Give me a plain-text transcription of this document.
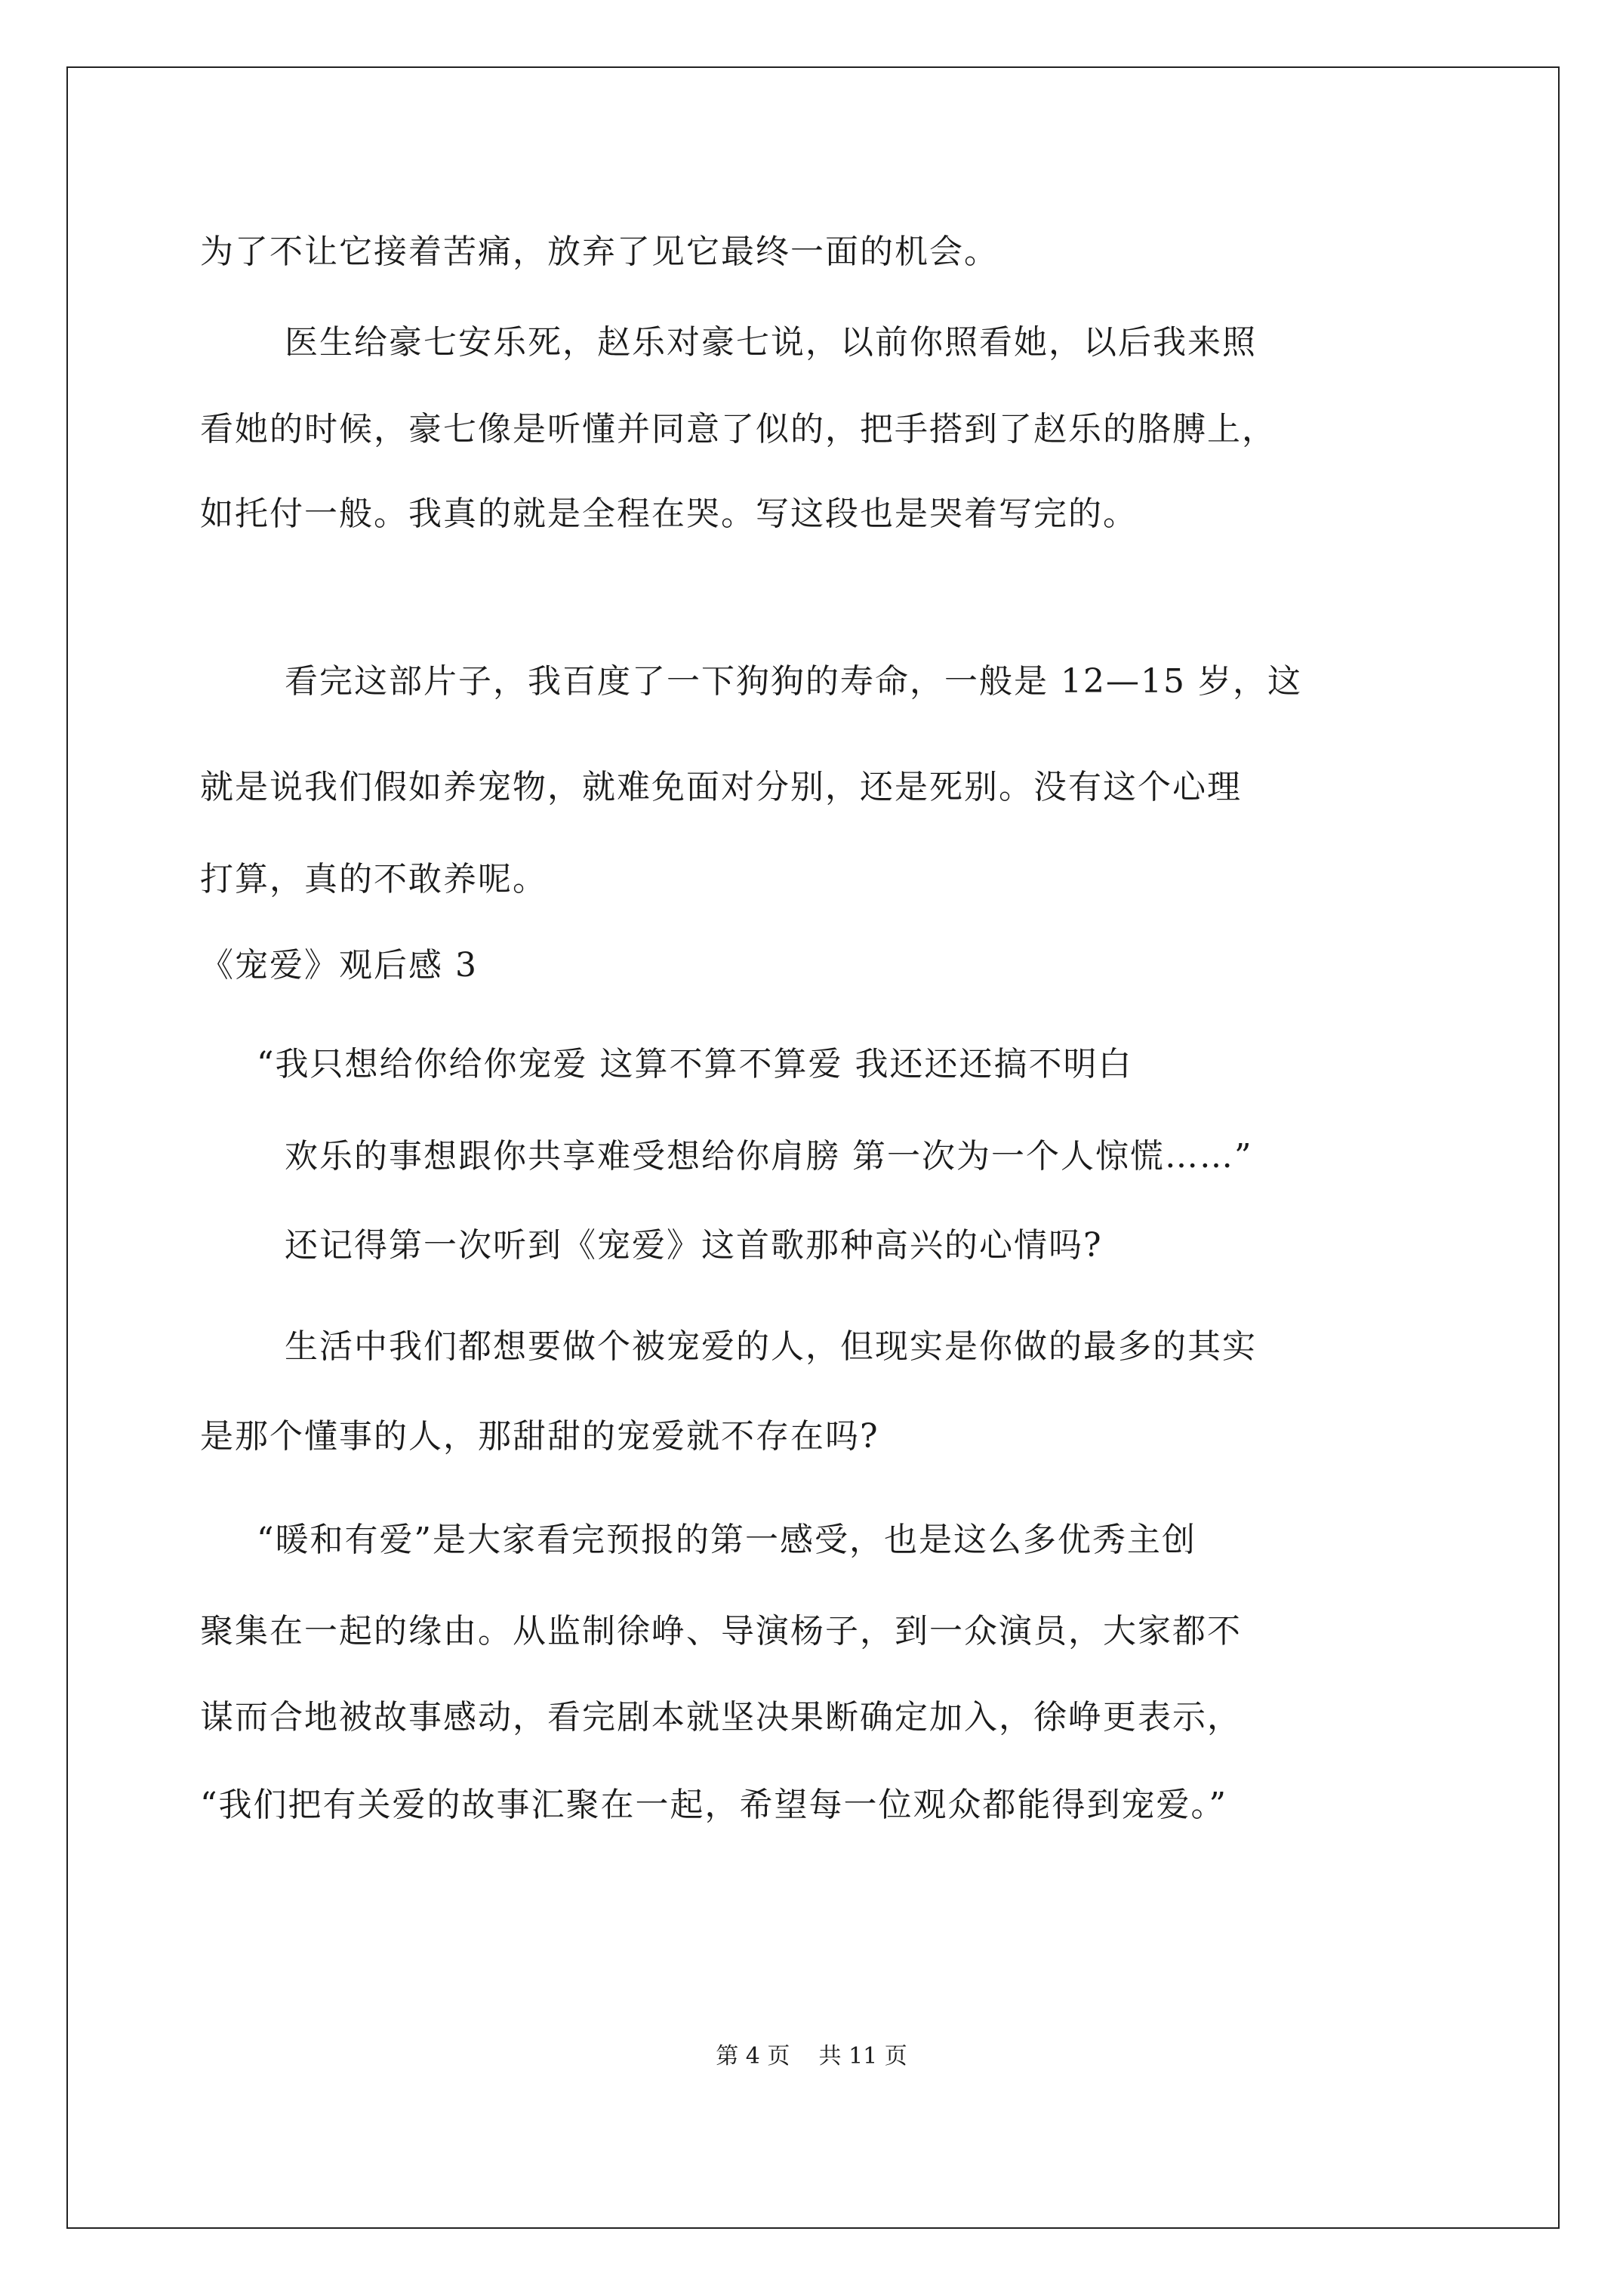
为了不让它接着苦痛，放弃了见它最终一面的机会。
医生给豪七安乐死，赵乐对豪七说，以前你照看她，以后我来照
看她的时候，豪七像是听懂并同意了似的，把手搭到了赵乐的胳膊上，
如托付一般。我真的就是全程在哭。写这段也是哭着写完的。
看完这部片子，我百度了一下狗狗的寿命，一般是 12—15 岁，这
就是说我们假如养宠物，就难免面对分别，还是死别。没有这个心理
打算，真的不敢养呢。
《宠爱》观后感 3
“我只想给你给你宠爱 这算不算不算爱 我还还还搞不明白
欢乐的事想跟你共享难受想给你肩膀 第一次为一个人惊慌……”
还记得第一次听到《宠爱》这首歌那种高兴的心情吗?
生活中我们都想要做个被宠爱的人，但现实是你做的最多的其实
是那个懂事的人，那甜甜的宠爱就不存在吗?
“暖和有爱”是大家看完预报的第一感受，也是这么多优秀主创
聚集在一起的缘由。从监制徐峥、导演杨子，到一众演员，大家都不
谋而合地被故事感动，看完剧本就坚决果断确定加入，徐峥更表示，
“我们把有关爱的故事汇聚在一起，希望每一位观众都能得到宠爱。”
第 4 页 共 11 页
